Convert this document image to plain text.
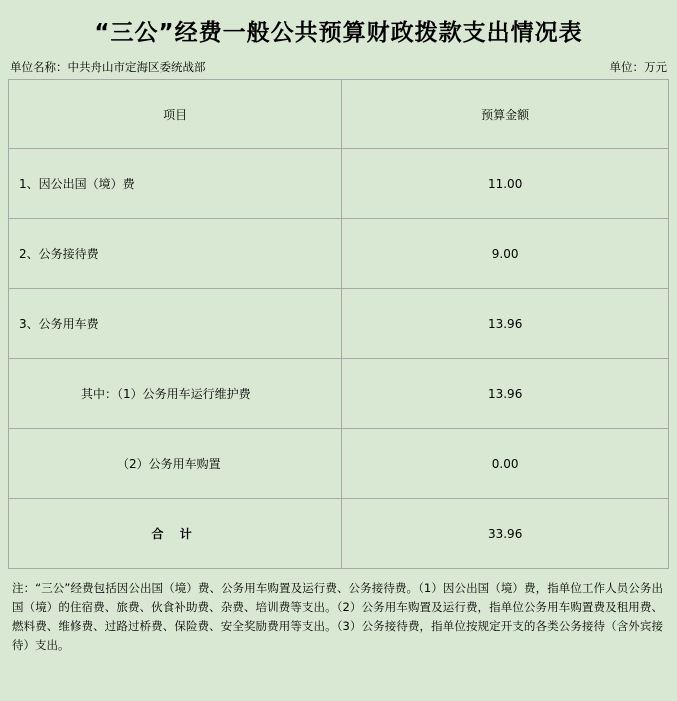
“三公”经费一般公共预算财政拨款支出情况表
单位名称：中共舟山市定海区委统战部	单位：万元
项目	预算金额
1、因公出国（境）费	11.00
2、公务接待费	9.00
3、公务用车费	13.96
其中：（1）公务用车运行维护费	13.96
（2）公务用车购置	0.00
合 计	33.96
注：“三公”经费包括因公出国（境）费、公务用车购置及运行费、公务接待费。（1）因公出国（境）费，指单位工作人员公务出国（境）的住宿费、旅费、伙食补助费、杂费、培训费等支出。（2）公务用车购置及运行费，指单位公务用车购置费及租用费、燃料费、维修费、过路过桥费、保险费、安全奖励费用等支出。（3）公务接待费，指单位按规定开支的各类公务接待（含外宾接待）支出。
